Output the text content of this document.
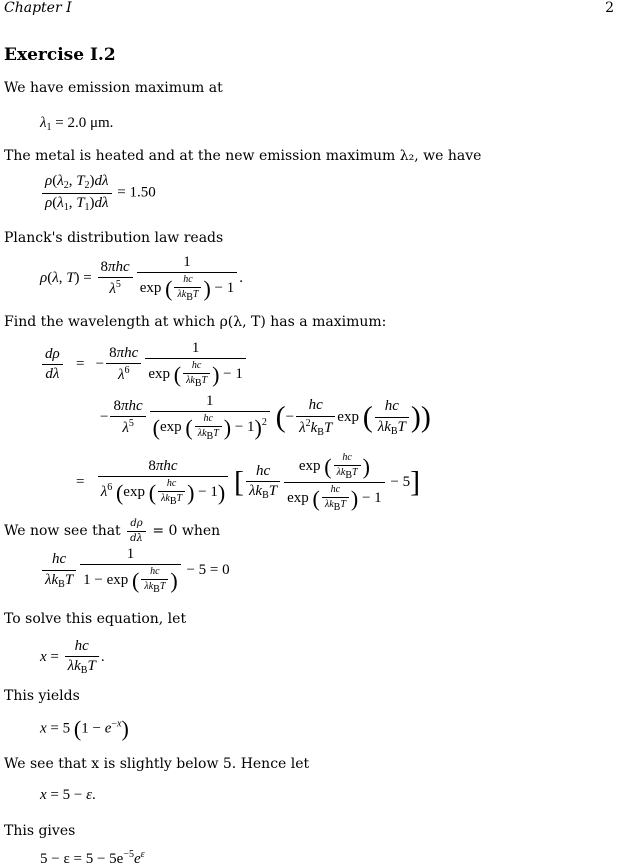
Chapter I	2
Exercise I.2
We have emission maximum at
$\lambda_1 = 2.0$ μm.
The metal is heated and at the new emission maximum λ₂, we have
$\frac{\rho(\lambda_2, T_2)d\lambda}{\rho(\lambda_1, T_1)d\lambda} = 1.50$
Planck's distribution law reads
ρ(λ, $T) = \frac{\text{8πhc}}{\lambda^5} \frac{1}{\exp ( \frac{hc}{\text{λkBT}} ) - 1}$ .
Find the wavelength at which ρ(λ, T) has a maximum:
$\frac{d\rho}{d\lambda}$ =   − $\frac{\text{8πhc}}{\lambda^6} \frac{1}{\exp ( \frac{hc}{\text{λkBT}} ) - 1}$
− $\frac{\text{8πhc}}{\lambda^5} \frac{1}{(\exp ( \frac{hc}{\text{λkBT}} ) - 1)^2}$ (− $\frac{hc}{\lambda^2k_BT}$ exp ( $\frac{hc}{\lambda k_BT}$ ))
= $\frac{\text{8πhc}}{\lambda^6 (\exp ( \frac{hc}{\text{λkBT}} ) - 1)}$ [ $\frac{hc}{\lambda k_BT} \frac{\exp ( \frac{hc}{\text{λkBT}} )}{\exp ( \frac{hc}{\text{λkBT}} ) - 1} - 5$]
We now see that $\frac{d\rho}{d\lambda} = 0$ when
$\frac{hc}{\lambda k_BT} \frac{1}{1 - \exp ( \frac{hc}{\text{λkBT}} )} - 5 = 0$
To solve this equation, let
$x = \frac{hc}{\lambda k_BT}$ .
This yields
x = 5 $(1 - e^{-x})$
We see that x is slightly below 5. Hence let
x = 5 − ε.
This gives
$5 - \varepsilon = 5 - 5e^{-5}e^\varepsilon$
